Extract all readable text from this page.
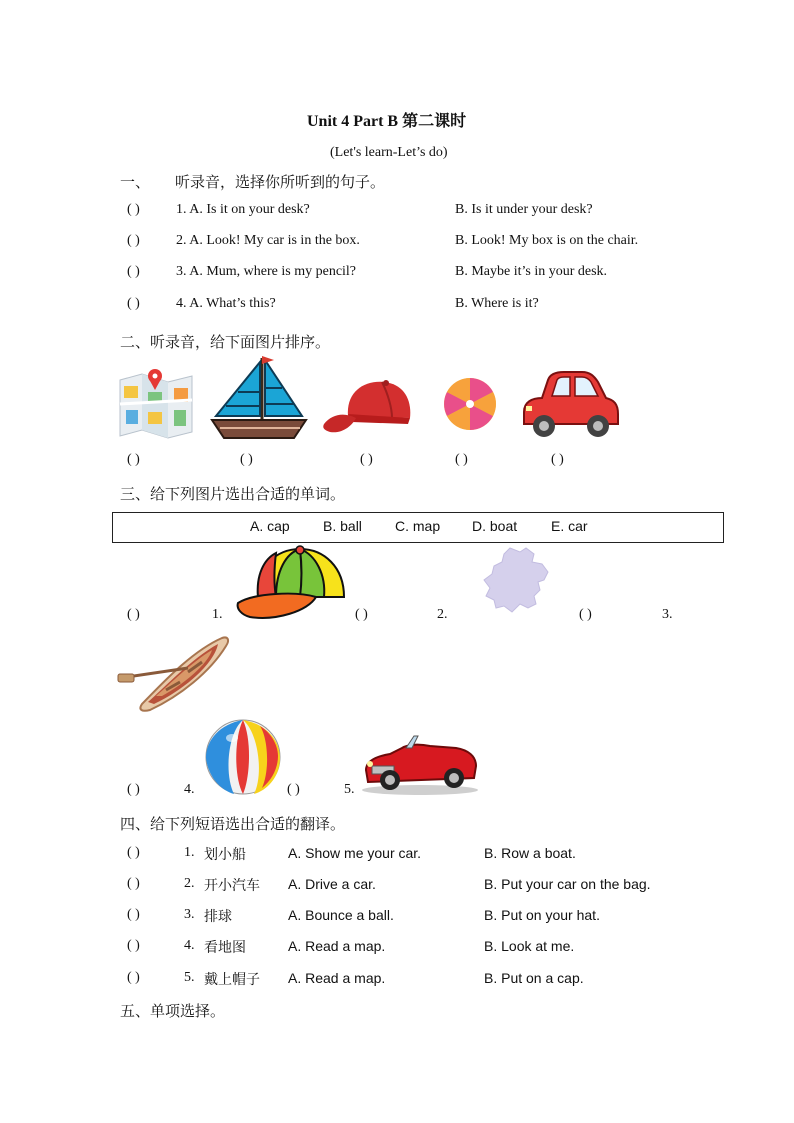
Unit 4 Part B 第二课时
(Let's learn-Let’s do)
一、 听录音，选择你所听到的句子。
( )	1. A. Is it on your desk?	B. Is it under your desk?
( )	2. A. Look! My car is in the box.	B. Look! My box is on the chair.
( )	3. A. Mum, where is my pencil?	B. Maybe it’s in your desk.
( )	4. A. What’s this?	B. Where is it?
二、听录音，给下面图片排序。
( )	( )	( )	( )	( )
三、给下列图片选出合适的单词。
A. cap B. ball C. map D. boat E. car
( )	1.	( )	2.	( )	3.
( )	4.	( )	5.
四、给下列短语选出合适的翻译。
( )	1. 划小船	A. Show me your car.	B. Row a boat.
( )	2. 开小汽车 A. Drive a car.	B. Put your car on the bag.
( )	3. 排球	A. Bounce a ball.	B. Put on your hat.
( )	4. 看地图	A. Read a map.	B. Look at me.
( )	5. 戴上帽子 A. Read a map.	B. Put on a cap.
五、单项选择。
